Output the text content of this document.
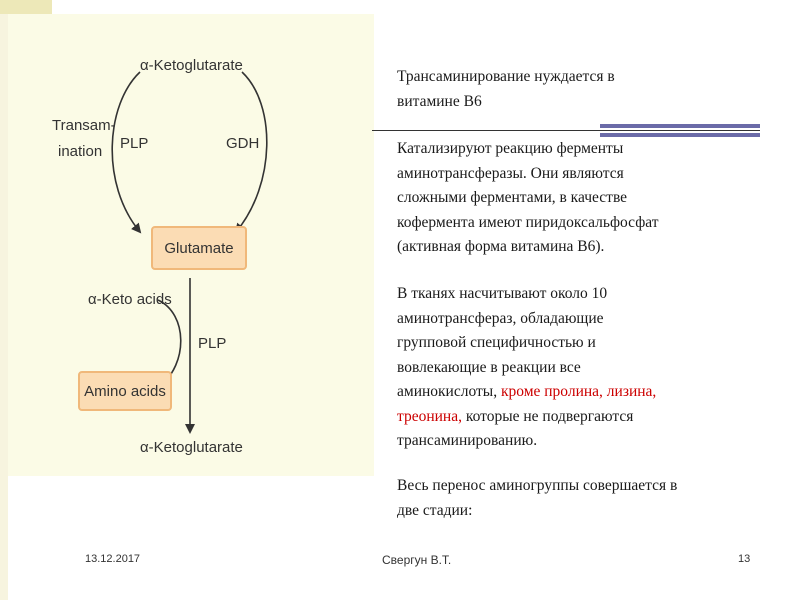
α-Ketoglutarate
Transam-
ination PLP	GDH
Glutamate
α-Keto acids
PLP
Amino acids
α-Ketoglutarate
Трансаминирование нуждается в
витамине В6
Катализируют реакцию ферменты
аминотрансферазы. Они являются
сложными ферментами, в качестве
кофермента имеют пиридоксальфосфат
(активная форма витамина В6).
В тканях насчитывают около 10
аминотрансфераз, обладающие
групповой специфичностью и
вовлекающие в реакции все
аминокислоты, кроме пролина, лизина,
треонина, которые не подвергаются
трансаминированию.
Весь перенос аминогруппы совершается в
две стадии:
13.12.2017	Свергун В.Т.	13
